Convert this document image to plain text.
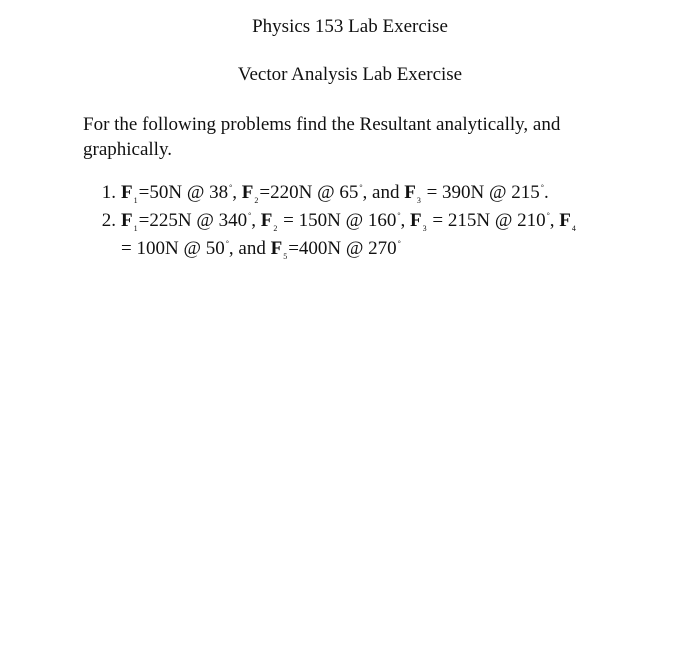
Physics 153 Lab Exercise
Vector Analysis Lab Exercise
For the following problems find the Resultant analytically, and graphically.
1. $F_1=50N$ @ 38°, $F_2=220N$ @ 65°, and $F_3 = 390N$ @ 215°.
2. $F_1=225N$ @ 340°, $F_2 = 150N$ @ 160°, $F_3 = 215N$ @ 210°, $F_4$
= 100N @ 50°, and $F_5=400N$ @ 270°
